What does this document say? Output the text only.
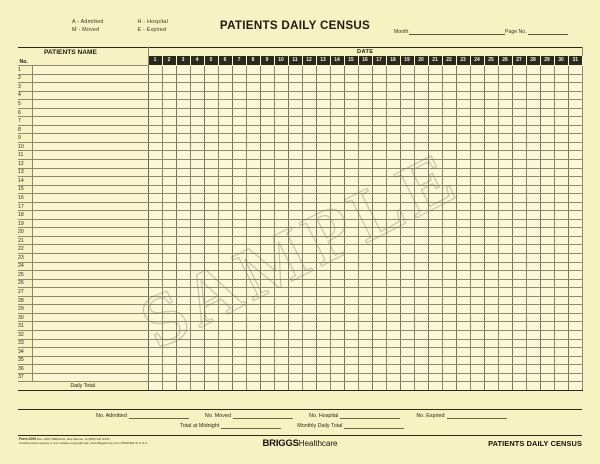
A - Admitted
M - Moved
H - Hospital
E - Expired	PATIENTS DAILY CENSUS	Month	Page No.
PATIENTS NAME
No.		DATE																														
		1	2	3	4	5	6	7	8	9	10	11	12	13	14	15	16	17	18	19	20	21	22	23	24	25	26	27	28	29	30	31
1																																
2																																
3																																
4																																
5																																
6																																
7																																
8																																
9																																
10																																
11																																
12																																
13																																
14																																
15																																
16																																
17																																
18																																
19																																
20																																
21																																
22																																
23																																
24																																
25																																
26																																
27																																
28																																
29																																
30																																
31																																
32																																
33																																
34																																
35																																
36																																
37																																
Daily Total																																
No. Admitted	No. Moved	No. Hospital	No. Expired
Total at Midnight	Monthly Daily Total
Form 2209 Rev. 4/00 ©BRIGGS, Des Moines, IA (800) 247-2343
Unauthorized copying or use violates copyright law. www.BriggsCorp.com PRINTED IN U.S.A.	BRIGGSHealthcare	PATIENTS DAILY CENSUS
